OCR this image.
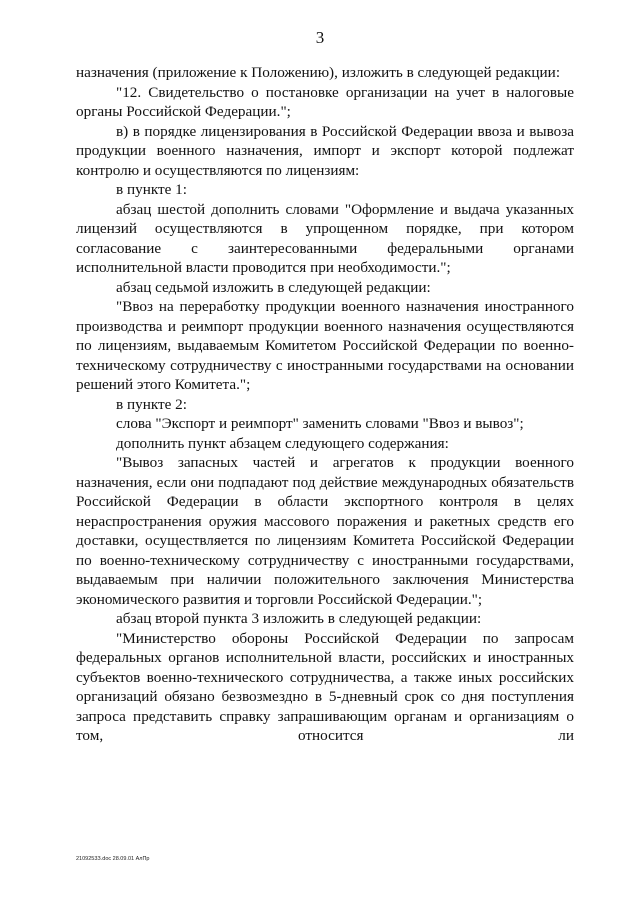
3

назначения (приложение к Положению), изложить в следующей редакции:

"12. Свидетельство о постановке организации на учет в налоговые органы Российской Федерации.";

в) в порядке лицензирования в Российской Федерации ввоза и вывоза продукции военного назначения, импорт и экспорт которой подлежат контролю и осуществляются по лицензиям:

в пункте 1:

абзац шестой дополнить словами "Оформление и выдача указанных лицензий осуществляются в упрощенном порядке, при котором согласование с заинтересованными федеральными органами исполнительной власти проводится при необходимости.";

абзац седьмой изложить в следующей редакции:

"Ввоз на переработку продукции военного назначения иностранного производства и реимпорт продукции военного назначения осуществляются по лицензиям, выдаваемым Комитетом Российской Федерации по военно-техническому сотрудничеству с иностранными государствами на основании решений этого Комитета.";

в пункте 2:

слова "Экспорт и реимпорт" заменить словами "Ввоз и вывоз";

дополнить пункт абзацем следующего содержания:

"Вывоз запасных частей и агрегатов к продукции военного назначения, если они подпадают под действие международных обязательств Российской Федерации в области экспортного контроля в целях нераспространения оружия массового поражения и ракетных средств его доставки, осуществляется по лицензиям Комитета Российской Федерации по военно-техническому сотрудничеству с иностранными государствами, выдаваемым при наличии положительного заключения Министерства экономического развития и торговли Российской Федерации.";

абзац второй пункта 3 изложить в следующей редакции:

"Министерство обороны Российской Федерации по запросам федеральных органов исполнительной власти, российских и иностранных субъектов военно-технического сотрудничества, а также иных российских организаций обязано безвозмездно в 5-дневный срок со дня поступления запроса представить справку запрашивающим органам и организациям о том, относится ли

2109253З.doc 28.09.01 АлПр
